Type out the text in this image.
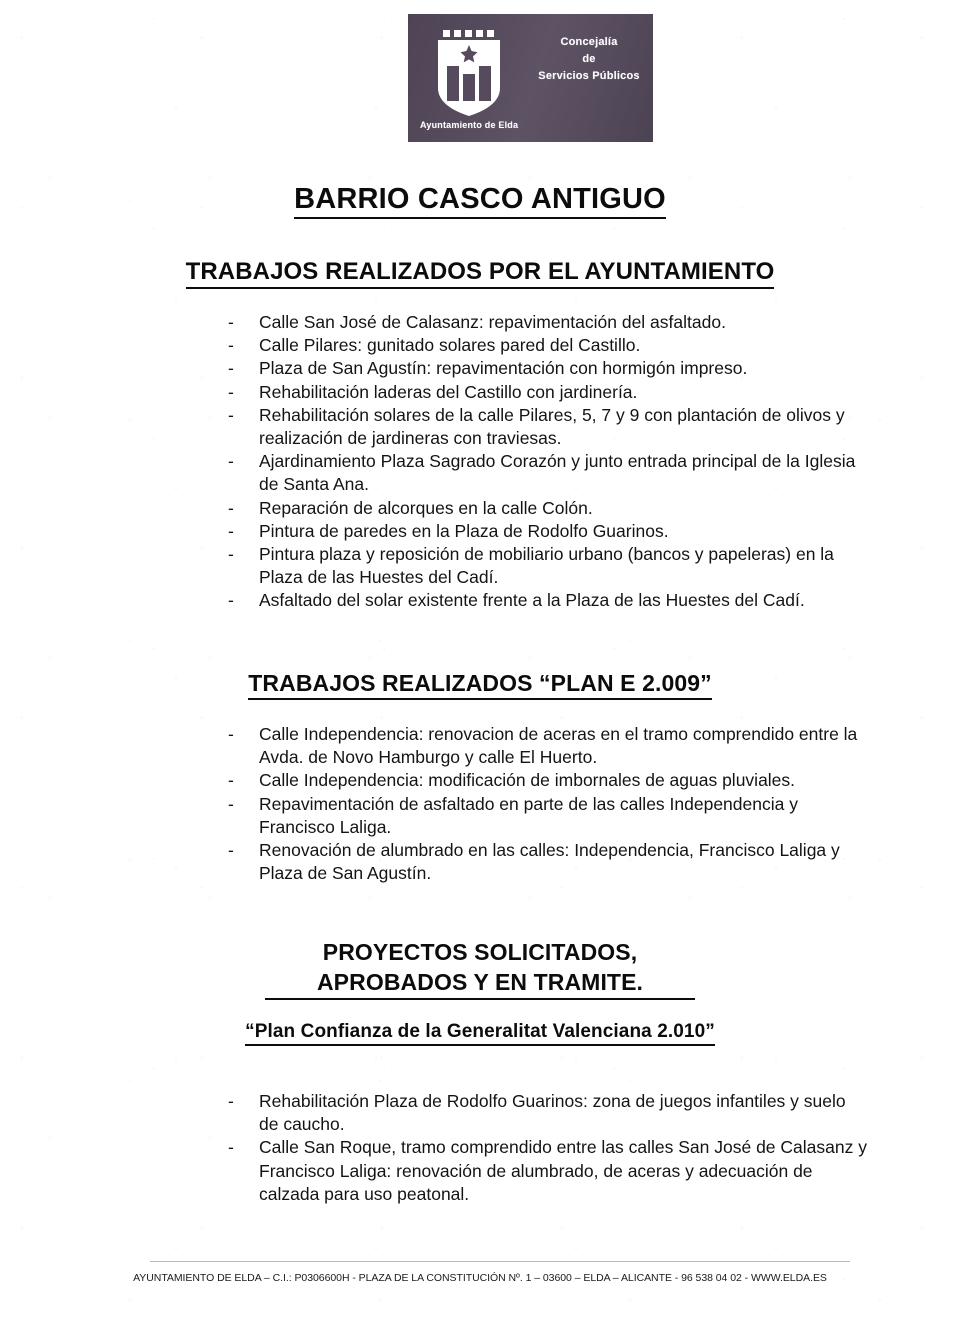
Concejalía
de
Servicios Públicos
Ayuntamiento de Elda
BARRIO CASCO ANTIGUO
TRABAJOS REALIZADOS POR EL AYUNTAMIENTO
- Calle San José de Calasanz: repavimentación del asfaltado.
- Calle Pilares: gunitado solares pared del Castillo.
- Plaza de San Agustín: repavimentación con hormigón impreso.
- Rehabilitación laderas del Castillo con jardinería.
- Rehabilitación solares de la calle Pilares, 5, 7 y 9 con plantación de olivos y realización de jardineras con traviesas.
- Ajardinamiento Plaza Sagrado Corazón y junto entrada principal de la Iglesia de Santa Ana.
- Reparación de alcorques en la calle Colón.
- Pintura de paredes en la Plaza de Rodolfo Guarinos.
- Pintura plaza y reposición de mobiliario urbano (bancos y papeleras) en la Plaza de las Huestes del Cadí.
- Asfaltado del solar existente frente a la Plaza de las Huestes del Cadí.
TRABAJOS REALIZADOS “PLAN E 2.009”
- Calle Independencia: renovacion de aceras en el tramo comprendido entre la Avda. de Novo Hamburgo y calle El Huerto.
- Calle Independencia: modificación de imbornales de aguas pluviales.
- Repavimentación de asfaltado en parte de las calles Independencia y Francisco Laliga.
- Renovación de alumbrado en las calles: Independencia, Francisco Laliga y Plaza de San Agustín.
PROYECTOS SOLICITADOS, APROBADOS Y EN TRAMITE.
“Plan Confianza de la Generalitat Valenciana 2.010”
- Rehabilitación Plaza de Rodolfo Guarinos: zona de juegos infantiles y suelo de caucho.
- Calle San Roque, tramo comprendido entre las calles San José de Calasanz y Francisco Laliga: renovación de alumbrado, de aceras y adecuación de calzada para uso peatonal.
AYUNTAMIENTO DE ELDA – C.I.: P0306600H - PLAZA DE LA CONSTITUCIÓN Nº. 1 – 03600 – ELDA – ALICANTE - 96 538 04 02 - WWW.ELDA.ES
